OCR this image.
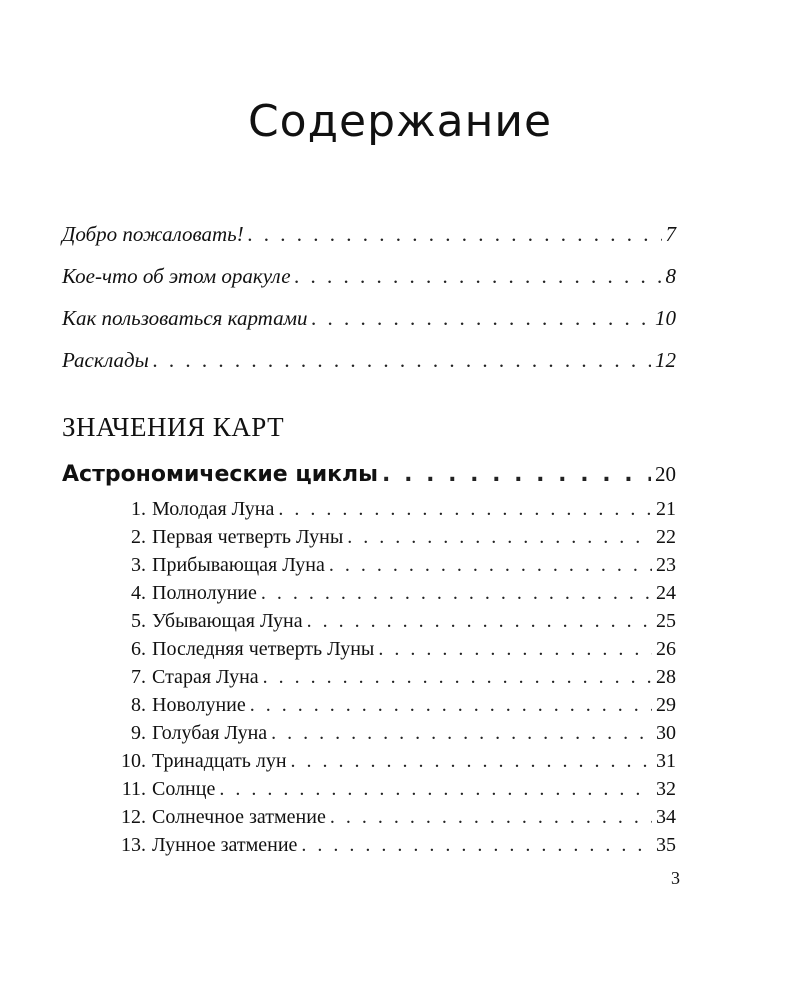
Содержание
Добро пожаловать! . . .	7
Кое-что об этом оракуле . . .	8
Как пользоваться картами . . .	10
Расклады . . .	12
ЗНАЧЕНИЯ КАРТ
Астрономические циклы . . .	20
1. Молодая Луна . . .	21
2. Первая четверть Луны . . .	22
3. Прибывающая Луна . . .	23
4. Полнолуние . . .	24
5. Убывающая Луна . . .	25
6. Последняя четверть Луны . . .	26
7. Старая Луна . . .	28
8. Новолуние . . .	29
9. Голубая Луна . . .	30
10. Тринадцать лун . . .	31
11. Солнце . . .	32
12. Солнечное затмение . . .	34
13. Лунное затмение . . .	35
3
